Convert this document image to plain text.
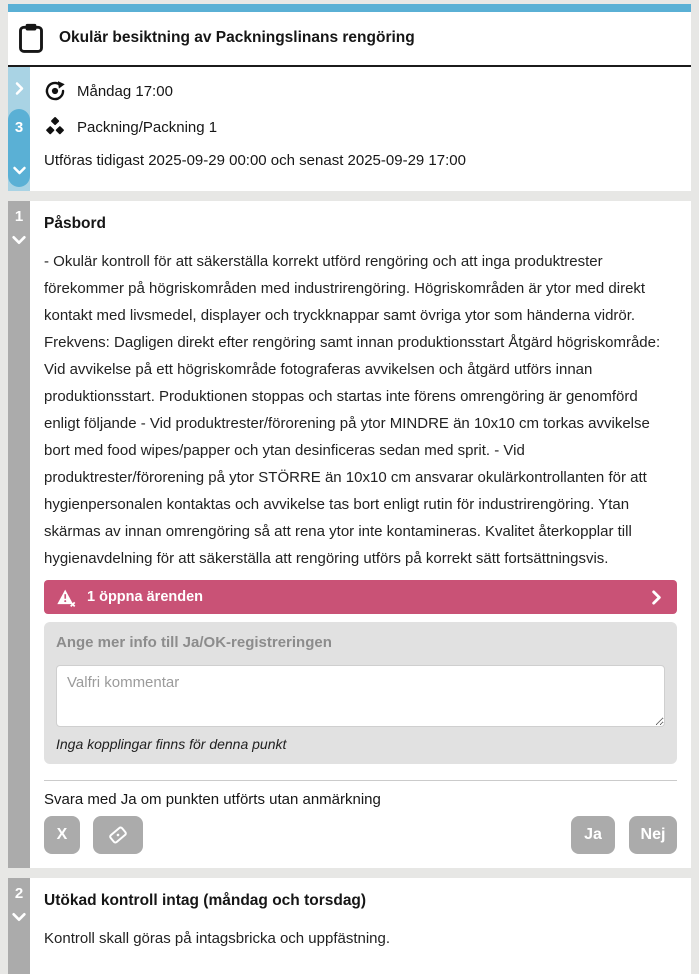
Okulär besiktning av Packningslinans rengöring
3
Måndag 17:00
Packning/Packning 1
Utföras tidigast 2025-09-29 00:00 och senast 2025-09-29 17:00
1 Påsbord

- Okulär kontroll för att säkerställa korrekt utförd rengöring och att inga produktrester förekommer på högriskområden med industrirengöring. Högriskområden är ytor med direkt kontakt med livsmedel, displayer och tryckknappar samt övriga ytor som händerna vidrör. Frekvens: Dagligen direkt efter rengöring samt innan produktionsstart Åtgärd högriskområde: Vid avvikelse på ett högriskområde fotograferas avvikelsen och åtgärd utförs innan produktionsstart. Produktionen stoppas och startas inte förens omrengöring är genomförd enligt följande - Vid produktrester/förorening på ytor MINDRE än 10x10 cm torkas avvikelse bort med food wipes/papper och ytan desinficeras sedan med sprit. - Vid produktrester/förorening på ytor STÖRRE än 10x10 cm ansvarar okulärkontrollanten för att hygienpersonalen kontaktas och avvikelse tas bort enligt rutin för industrirengöring. Ytan skärmas av innan omrengöring så att rena ytor inte kontamineras. Kvalitet återkopplar till hygienavdelning för att säkerställa att rengöring utförs på korrekt sätt fortsättningsvis.

1 öppna ärenden
Ange mer info till Ja/OK-registreringen
Valfri kommentar
Inga kopplingar finns för denna punkt
Svara med Ja om punkten utförts utan anmärkning
X	Ja	Nej
2 Utökad kontroll intag (måndag och torsdag)

Kontroll skall göras på intagsbricka och uppfästning.
